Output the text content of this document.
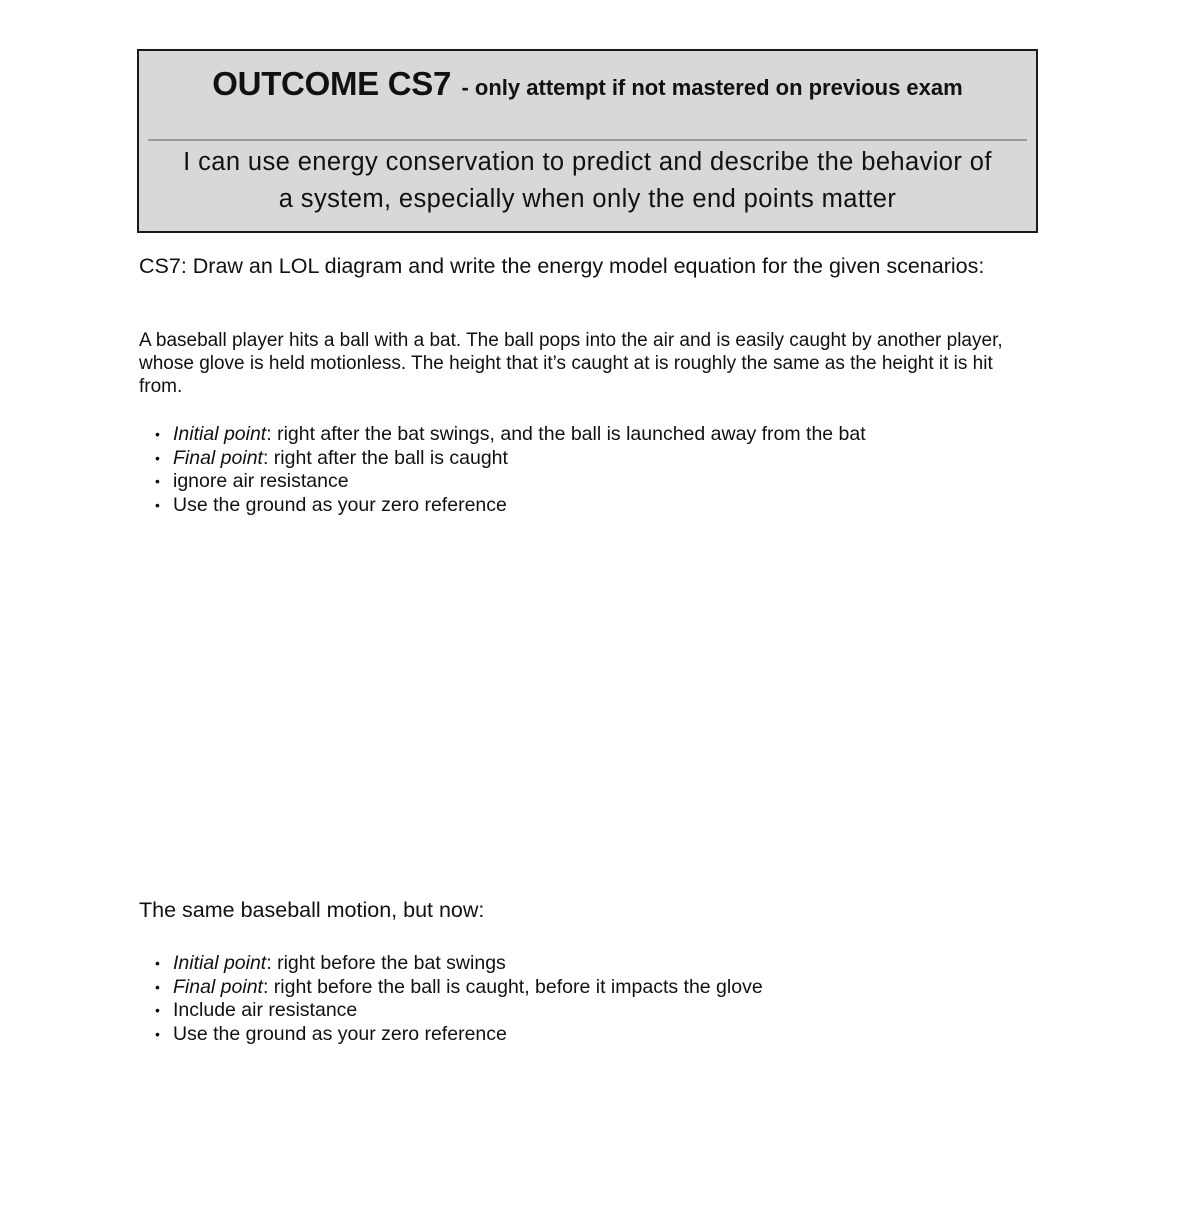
OUTCOME CS7 - only attempt if not mastered on previous exam
I can use energy conservation to predict and describe the behavior of
a system, especially when only the end points matter
CS7: Draw an LOL diagram and write the energy model equation for the given scenarios:
A baseball player hits a ball with a bat. The ball pops into the air and is easily caught by another player, whose glove is held motionless. The height that it’s caught at is roughly the same as the height it is hit from.
• Initial point: right after the bat swings, and the ball is launched away from the bat
• Final point: right after the ball is caught
• ignore air resistance
• Use the ground as your zero reference
The same baseball motion, but now:
• Initial point: right before the bat swings
• Final point: right before the ball is caught, before it impacts the glove
• Include air resistance
• Use the ground as your zero reference
